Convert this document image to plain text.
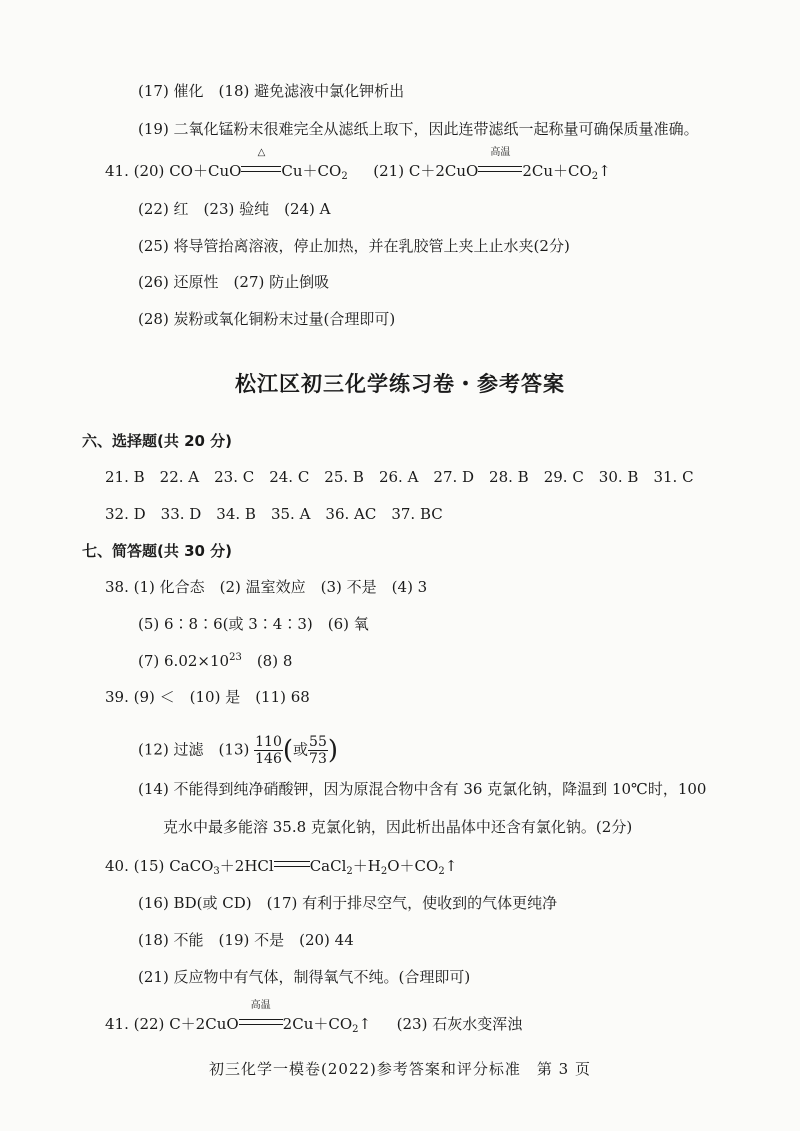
(17) 催化　(18) 避免滤液中氯化钾析出
(19) 二氧化锰粉末很难完全从滤纸上取下，因此连带滤纸一起称量可确保质量准确。
41. (20) CO＋CuO
△
$Cu+CO_2$ (21) C＋2CuO
高温
$2Cu+CO_2↑$
(22) 红　(23) 验纯　(24) A
(25) 将导管抬离溶液，停止加热，并在乳胶管上夹上止水夹(2分)
(26) 还原性　(27) 防止倒吸
(28) 炭粉或氧化铜粉末过量(合理即可)
松江区初三化学练习卷・参考答案
六、选择题(共 20 分)
21. B　22. A　23. C　24. C　25. B　26. A　27. D　28. B　29. C　30. B　31. C
32. D　33. D　34. B　35. A　36. AC　37. BC
七、简答题(共 30 分)
38. (1) 化合态　(2) 温室效应　(3) 不是　(4) 3
(5) 6∶8∶6(或 3∶4∶3)　(6) 氧
(7) $6.02\times 10^{23}$　(8) 8
39. (9) ＜　(10) 是　(11) 68
(12) 过滤　$(13) \frac{110}{146}$ (或 $\frac{55}{73}$ )
(14) 不能得到纯净硝酸钾，因为原混合物中含有 36 克氯化钠，降温到 10℃时，100
克水中最多能溶 35.8 克氯化钠，因此析出晶体中还含有氯化钠。(2分)
40. (15) CaCO$_3$＋2HCl $CaCl_2+H_2O+CO_2↑$
(16) BD(或 CD)　(17) 有利于排尽空气，使收到的气体更纯净
(18) 不能　(19) 不是　(20) 44
(21) 反应物中有气体，制得氧气不纯。(合理即可)
41. (22) C＋2CuO
高温
$2Cu+CO_2↑$ (23) 石灰水变浑浊
初三化学一模卷(2022)参考答案和评分标准　第 3 页
